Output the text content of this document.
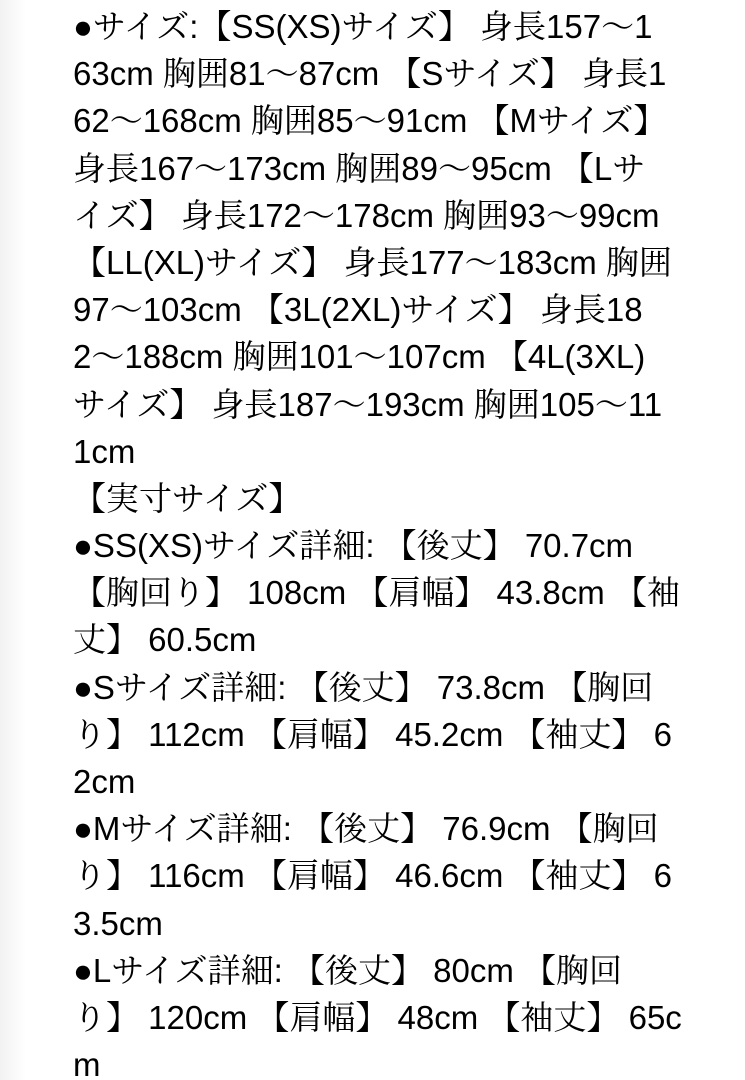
●サイズ:【SS(XS)サイズ】 身長157〜1
63cm 胸囲81〜87cm 【Sサイズ】 身長1
62〜168cm 胸囲85〜91cm 【Mサイズ】
身長167〜173cm 胸囲89〜95cm 【Lサ
イズ】 身長172〜178cm 胸囲93〜99cm
【LL(XL)サイズ】 身長177〜183cm 胸囲
97〜103cm 【3L(2XL)サイズ】 身長18
2〜188cm 胸囲101〜107cm 【4L(3XL)
サイズ】 身長187〜193cm 胸囲105〜11
1cm
【実寸サイズ】
●SS(XS)サイズ詳細: 【後丈】 70.7cm
【胸回り】 108cm 【肩幅】 43.8cm 【袖
丈】 60.5cm
●Sサイズ詳細: 【後丈】 73.8cm 【胸回
り】 112cm 【肩幅】 45.2cm 【袖丈】 6
2cm
●Mサイズ詳細: 【後丈】 76.9cm 【胸回
り】 116cm 【肩幅】 46.6cm 【袖丈】 6
3.5cm
●Lサイズ詳細: 【後丈】 80cm 【胸回
り】 120cm 【肩幅】 48cm 【袖丈】 65c
m
